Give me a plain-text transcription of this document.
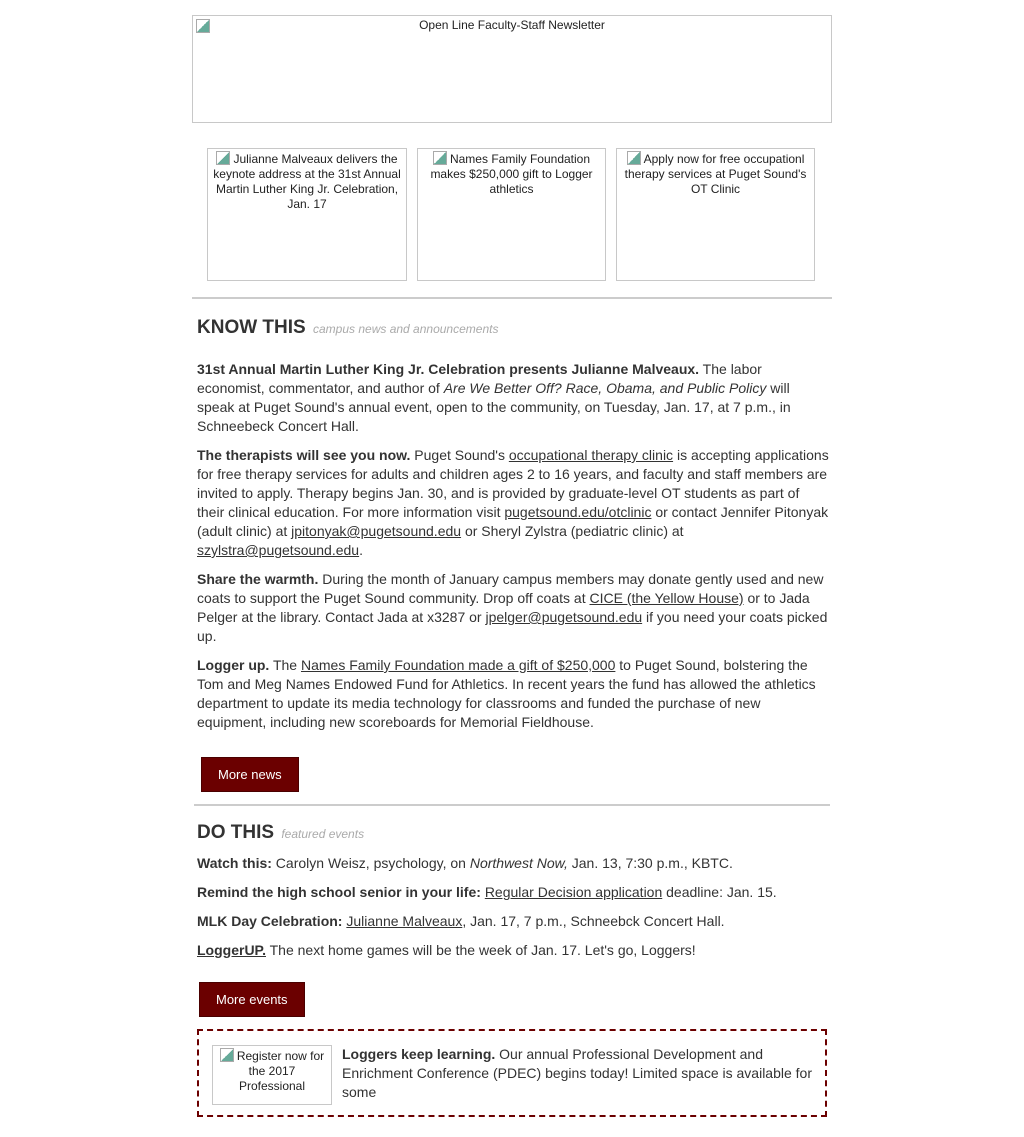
Open Line Faculty-Staff Newsletter
Julianne Malveaux delivers the keynote address at the 31st Annual Martin Luther King Jr. Celebration, Jan. 17
Names Family Foundation makes $250,000 gift to Logger athletics
Apply now for free occupationl therapy services at Puget Sound's OT Clinic
KNOW THIS campus news and announcements

31st Annual Martin Luther King Jr. Celebration presents Julianne Malveaux. The labor economist, commentator, and author of Are We Better Off? Race, Obama, and Public Policy will speak at Puget Sound's annual event, open to the community, on Tuesday, Jan. 17, at 7 p.m., in Schneebeck Concert Hall.

The therapists will see you now. Puget Sound's occupational therapy clinic is accepting applications for free therapy services for adults and children ages 2 to 16 years, and faculty and staff members are invited to apply. Therapy begins Jan. 30, and is provided by graduate-level OT students as part of their clinical education. For more information visit pugetsound.edu/otclinic or contact Jennifer Pitonyak (adult clinic) at jpitonyak@pugetsound.edu or Sheryl Zylstra (pediatric clinic) at szylstra@pugetsound.edu.

Share the warmth. During the month of January campus members may donate gently used and new coats to support the Puget Sound community. Drop off coats at CICE (the Yellow House) or to Jada Pelger at the library. Contact Jada at x3287 or jpelger@pugetsound.edu if you need your coats picked up.

Logger up. The Names Family Foundation made a gift of $250,000 to Puget Sound, bolstering the Tom and Meg Names Endowed Fund for Athletics. In recent years the fund has allowed the athletics department to update its media technology for classrooms and funded the purchase of new equipment, including new scoreboards for Memorial Fieldhouse.

More news
DO THIS featured events

Watch this: Carolyn Weisz, psychology, on Northwest Now, Jan. 13, 7:30 p.m., KBTC.

Remind the high school senior in your life: Regular Decision application deadline: Jan. 15.

MLK Day Celebration: Julianne Malveaux, Jan. 17, 7 p.m., Schneebck Concert Hall.

LoggerUP. The next home games will be the week of Jan. 17. Let's go, Loggers!

More events
Register now for the 2017 Professional

Loggers keep learning. Our annual Professional Development and Enrichment Conference (PDEC) begins today! Limited space is available for some
